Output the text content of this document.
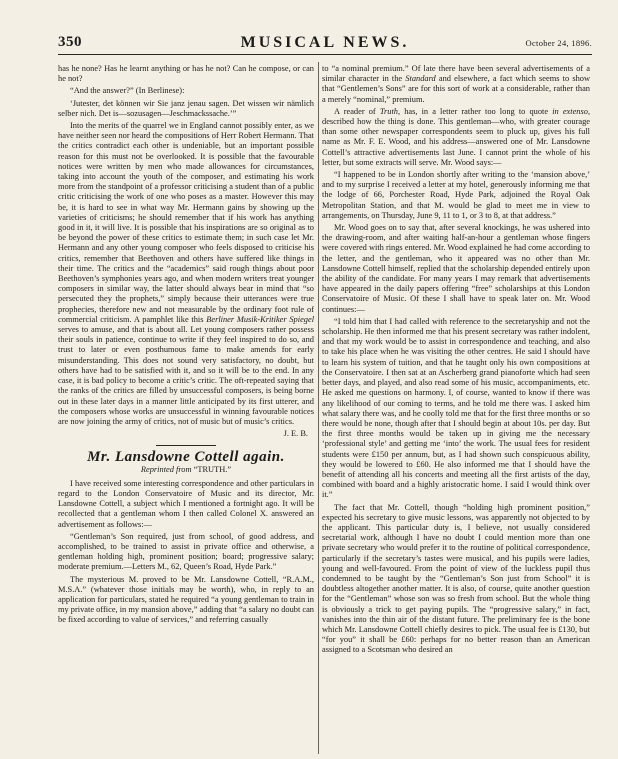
350	MUSICAL NEWS.	October 24, 1896.

has he none? Has he learnt anything or has he not? Can he compose, or can he not?

“And the answer?” (In Berlinese):

‘Jutester, det können wir Sie janz jenau sagen. Det wissen wir nämlich selber nich. Det is—sozusagen—Jeschmackssache.’”

Into the merits of the quarrel we in England cannot possibly enter, as we have neither seen nor heard the compositions of Herr Robert Hermann. That the critics contradict each other is undeniable, but an important possible reason for this must not be overlooked. It is possible that the favourable notices were written by men who made allowances for circumstances, taking into account the youth of the composer, and estimating his work more from the standpoint of a professor criticising a student than of a public critic criticising the work of one who poses as a master. However this may be, it is hard to see in what way Mr. Hermann gains by showing up the varieties of criticisms; he should remember that if his work has anything good in it, it will live. It is possible that his inspirations are so original as to be beyond the power of these critics to estimate them; in such case let Mr. Hermann and any other young composer who feels disposed to criticise his critics, remember that Beethoven and others have suffered like things in their time. The critics and the “academics” said rough things about poor Beethoven’s symphonies years ago, and when modern writers treat younger composers in similar way, the latter should always bear in mind that “so persecuted they the prophets,” simply because their utterances were true prophecies, therefore new and not measurable by the ordinary foot rule of commercial criticism. A pamphlet like this Berliner Musik-Kritiker Spiegel serves to amuse, and that is about all. Let young composers rather possess their souls in patience, continue to write if they feel inspired to do so, and trust to later or even posthumous fame to make amends for early misunderstanding. This does not sound very satisfactory, no doubt, but others have had to be satisfied with it, and so it will be to the end. In any case, it is bad policy to become a critic’s critic. The oft-repeated saying that the ranks of the critics are filled by unsuccessful composers, is being borne out in these later days in a manner little anticipated by its first utterer, and the composers whose works are unsuccessful in winning favourable notices are now joining the army of critics, not of music but of music’s critics.

J. E. B.
Mr. Lansdowne Cottell again.
Reprinted from “TRUTH.”

I have received some interesting correspondence and other particulars in regard to the London Conservatoire of Music and its director, Mr. Lansdowne Cottell, a subject which I mentioned a fortnight ago. It will be recollected that a gentleman whom I then called Colonel X. answered an advertisement as follows:—

“Gentleman’s Son required, just from school, of good address, and accomplished, to be trained to assist in private office and otherwise, a gentleman holding high, prominent position; board; progressive salary; moderate premium.—Letters M., 62, Queen’s Road, Hyde Park.”

The mysterious M. proved to be Mr. Lansdowne Cottell, “R.A.M., M.S.A.” (whatever those initials may be worth), who, in reply to an application for particulars, stated he required “a young gentleman to train in my private office, in my mansion above,” adding that “a salary no doubt can be fixed according to value of services,” and referring casually

to “a nominal premium.” Of late there have been several advertisements of a similar character in the Standard and elsewhere, a fact which seems to show that “Gentlemen’s Sons” are for this sort of work at a considerable, rather than a merely “nominal,” premium.

A reader of Truth, has, in a letter rather too long to quote in extenso, described how the thing is done. This gentleman—who, with greater courage than some other newspaper correspondents seem to pluck up, gives his full name as Mr. F. E. Wood, and his address—answered one of Mr. Lansdowne Cottell’s attractive advertisements last June. I cannot print the whole of his letter, but some extracts will serve. Mr. Wood says:—

“I happened to be in London shortly after writing to the ‘mansion above,’ and to my surprise I received a letter at my hotel, generously informing me that the lodge of 66, Porchester Road, Hyde Park, adjoined the Royal Oak Metropolitan Station, and that M. would be glad to meet me in view to arrangements, on Thursday, June 9, 11 to 1, or 3 to 8, at that address.”

Mr. Wood goes on to say that, after several knockings, he was ushered into the drawing-room, and after waiting half-an-hour a gentleman whose fingers were covered with rings entered. Mr. Wood explained he had come according to the letter, and the gentleman, who it appeared was no other than Mr. Lansdowne Cottell himself, replied that the scholarship depended entirely upon the ability of the candidate. For many years I may remark that advertisements have appeared in the daily papers offering “free” scholarships at this London Conservatoire of Music. Of these I shall have to speak later on. Mr. Wood continues:—

“I told him that I had called with reference to the secretaryship and not the scholarship. He then informed me that his present secretary was rather indolent, and that my work would be to assist in correspondence and teaching, and also to take his place when he was visiting the other centres. He said I should have to learn his system of tuition, and that he taught only his own compositions at the Conservatoire. I then sat at an Ascherberg grand pianoforte which had seen better days, and played, and also read some of his music, accompaniments, etc. He asked me questions on harmony. I, of course, wanted to know if there was any likelihood of our coming to terms, and he told me there was. I asked him what salary there was, and he coolly told me that for the first three months or so there would be none, though after that I should begin at about 10s. per day. But the first three months would be taken up in giving me the necessary ‘professional style’ and getting me ‘into’ the work. The usual fees for resident students were £150 per annum, but, as I had shown such conspicuous ability, they would be lowered to £60. He also informed me that I should have the benefit of attending all his concerts and meeting all the first artists of the day, combined with board and a highly aristocratic home. I said I would think over it.”

The fact that Mr. Cottell, though “holding high prominent position,” expected his secretary to give music lessons, was apparently not objected to by the applicant. This particular duty is, I believe, not usually considered secretarial work, although I have no doubt I could mention more than one private secretary who would prefer it to the routine of political correspondence, particularly if the secretary’s tastes were musical, and his pupils were ladies, young and well-favoured. From the point of view of the luckless pupil thus condemned to be taught by the “Gentleman’s Son just from School” it is doubtless altogether another matter. It is also, of course, quite another question for the “Gentleman” whose son was so fresh from school. But the whole thing is obviously a trick to get paying pupils. The “progressive salary,” in fact, vanishes into the thin air of the distant future. The preliminary fee is the bone which Mr. Lansdowne Cottell chiefly desires to pick. The usual fee is £130, but “for you” it shall be £60: perhaps for no better reason than an American assigned to a Scotsman who desired an
